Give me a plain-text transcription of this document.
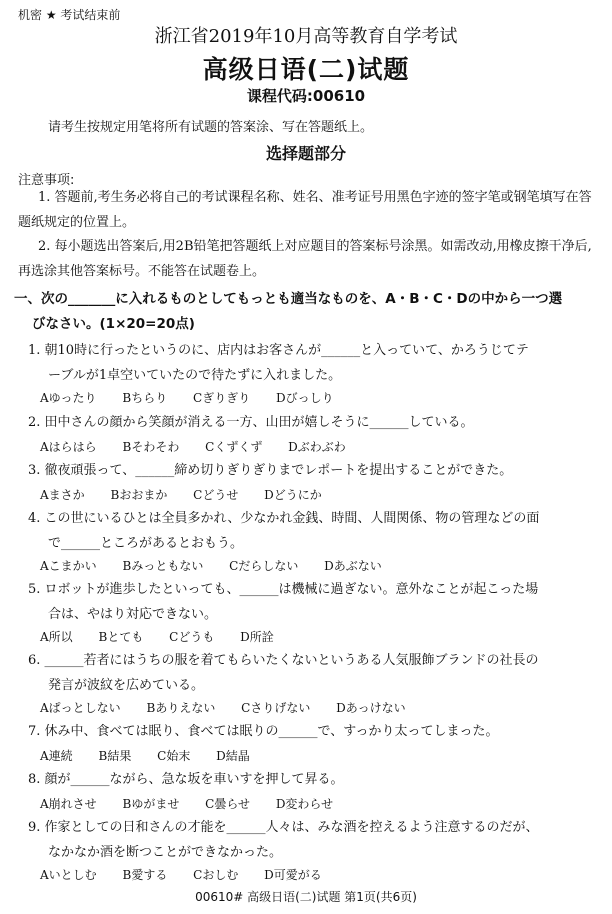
机密 ★ 考试结束前
浙江省2019年10月高等教育自学考试
高级日语(二)试题
课程代码:00610
请考生按规定用笔将所有试题的答案涂、写在答题纸上。
选择题部分
注意事项:
1. 答题前,考生务必将自己的考试课程名称、姓名、准考证号用黑色字迹的签字笔或钢笔填写在答题纸规定的位置上。
2. 每小题选出答案后,用2B铅笔把答题纸上对应题目的答案标号涂黑。如需改动,用橡皮擦干净后,再选涂其他答案标号。不能答在试题卷上。
一、次の_______に入れるものとしてもっとも適当なものを、A・B・C・Dの中から一つ選
びなさい。(1×20=20点)
1. 朝10時に行ったというのに、店内はお客さんが______と入っていて、かろうじてテ
ーブルが1卓空いていたので待たずに入れました。
Aゆったり Bちらり Cぎりぎり Dびっしり
2. 田中さんの顔から笑顔が消える一方、山田が嬉しそうに______している。
Aはらはら Bそわそわ Cくずくず Dぶわぶわ
3. 徹夜頑張って、______締め切りぎりぎりまでレポートを提出することができた。
Aまさか Bおおまか Cどうせ Dどうにか
4. この世にいるひとは全員多かれ、少なかれ金銭、時間、人間関係、物の管理などの面
で______ところがあるとおもう。
Aこまかい Bみっともない Cだらしない Dあぶない
5. ロボットが進歩したといっても、______は機械に過ぎない。意外なことが起こった場
合は、やはり対応できない。
A所以 Bとても Cどうも D所詮
6. ______若者にはうちの服を着てもらいたくないというある人気服飾ブランドの社長の
発言が波紋を広めている。
Aぱっとしない Bありえない Cさりげない Dあっけない
7. 休み中、食べては眠り、食べては眠りの______で、すっかり太ってしまった。
A連続 B結果 C始末 D結晶
8. 顔が______ながら、急な坂を車いすを押して昇る。
A崩れさせ Bゆがませ C曇らせ D変わらせ
9. 作家としての日和さんの才能を______人々は、みな酒を控えるよう注意するのだが、
なかなか酒を断つことができなかった。
Aいとしむ B愛する Cおしむ D可愛がる
00610# 高级日语(二)试题 第1页(共6页)
